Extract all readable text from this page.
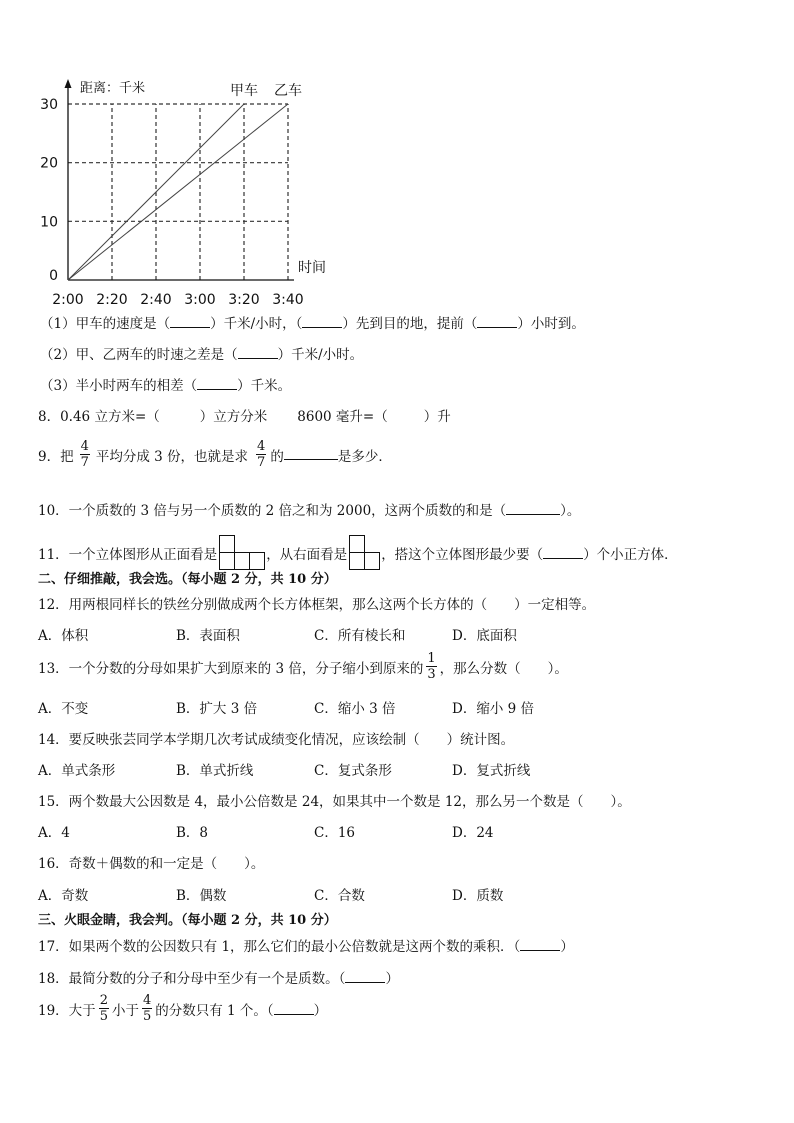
甲车 乙车
0
10
20
30
2:00 2:20 2:40 3:00 3:20 3:40
距离：千米
时间
（1）甲车的速度是（	）千米/小时，（	）先到目的地，提前（	）小时到。
（2）甲、乙两车的时速之差是（	）千米/小时。
（3）半小时两车的相差（	）千米。
8．0.46 立方米=（	）立方分米 8600 毫升=（	）升
9．把 $\frac{4}{7}$ 平均分成 3 份，也就是求 $\frac{4}{7}$ 的	是多少．
10．一个质数的 3 倍与另一个质数的 2 倍之和为 2000，这两个质数的和是（	）。
11．一个立体图形从正面看是	，从右面看是	，搭这个立体图形最少要（	）个小正方体．
二、仔细推敲，我会选。（每小题 2 分，共 10 分）
12．用两根同样长的铁丝分别做成两个长方体框架，那么这两个长方体的（　　）一定相等。
A．体积	B．表面积	C．所有棱长和	D．底面积
13．一个分数的分母如果扩大到原来的 3 倍，分子缩小到原来的 $\frac{1}{3}$ ，那么分数（　　）。
A．不变	B．扩大 3 倍	C．缩小 3 倍	D．缩小 9 倍
14．要反映张芸同学本学期几次考试成绩变化情况，应该绘制（　　）统计图。
A．单式条形	B．单式折线	C．复式条形	D．复式折线
15．两个数最大公因数是 4，最小公倍数是 24，如果其中一个数是 12，那么另一个数是（　　）。
A．4	B．8	C．16	D．24
16．奇数＋偶数的和一定是（　　）。
A．奇数	B．偶数	C．合数	D．质数
三、火眼金睛，我会判。（每小题 2 分，共 10 分）
17．如果两个数的公因数只有 1，那么它们的最小公倍数就是这两个数的乘积．（	）
18．最简分数的分子和分母中至少有一个是质数。（	）
19．大于 $\frac{2}{5}$ 小于 $\frac{4}{5}$ 的分数只有 1 个。（	）
